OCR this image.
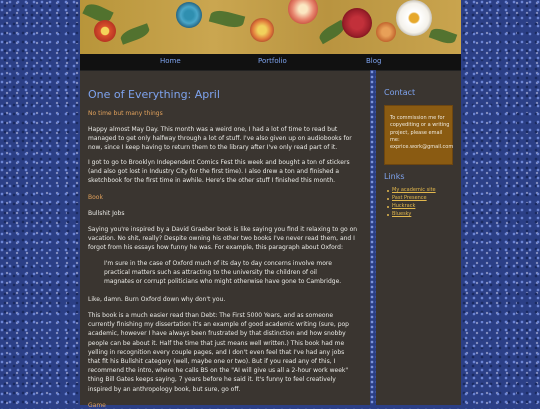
Home	Portfolio	Blog
One of Everything: April
No time but many things

Happy almost May Day. This month was a weird one, I had a lot of time to read but managed to get only halfway through a lot of stuff. I've also given up on audiobooks for now, since I keep having to return them to the library after I've only read part of it.

I got to go to Brooklyn Independent Comics Fest this week and bought a ton of stickers (and also got lost in Industry City for the first time). I also drew a ton and finished a sketchbook for the first time in awhile. Here's the other stuff I finished this month.

Book

Bullshit Jobs

Saying you're inspired by a David Graeber book is like saying you find it relaxing to go on vacation. No shit, really? Despite owning his other two books I've never read them, and I forgot from his essays how funny he was. For example, this paragraph about Oxford:

I'm sure in the case of Oxford much of its day to day concerns involve more practical matters such as attracting to the university the children of oil magnates or corrupt politicians who might otherwise have gone to Cambridge.

Like, damn. Burn Oxford down why don't you.

This book is a much easier read than Debt: The First 5000 Years, and as someone currently finishing my dissertation it's an example of good academic writing (sure, pop academic, however I have always been frustrated by that distinction and how snobby people can be about it. Half the time that just means well written.) This book had me yelling in recognition every couple pages, and I don't even feel that I've had any jobs that fit his Bullshit category (well, maybe one or two). But if you read any of this, I recommend the intro, where he calls BS on the "AI will give us all a 2-hour work week" thing Bill Gates keeps saying, 7 years before he said it. It's funny to feel creatively inspired by an anthropology book, but sure, go off.

Game
Contact
To commission me for copyediting or a writing project, please email me: exprice.work@gmail.com
Links
My academic site
Past Presence
Huckrack
Bluesky
